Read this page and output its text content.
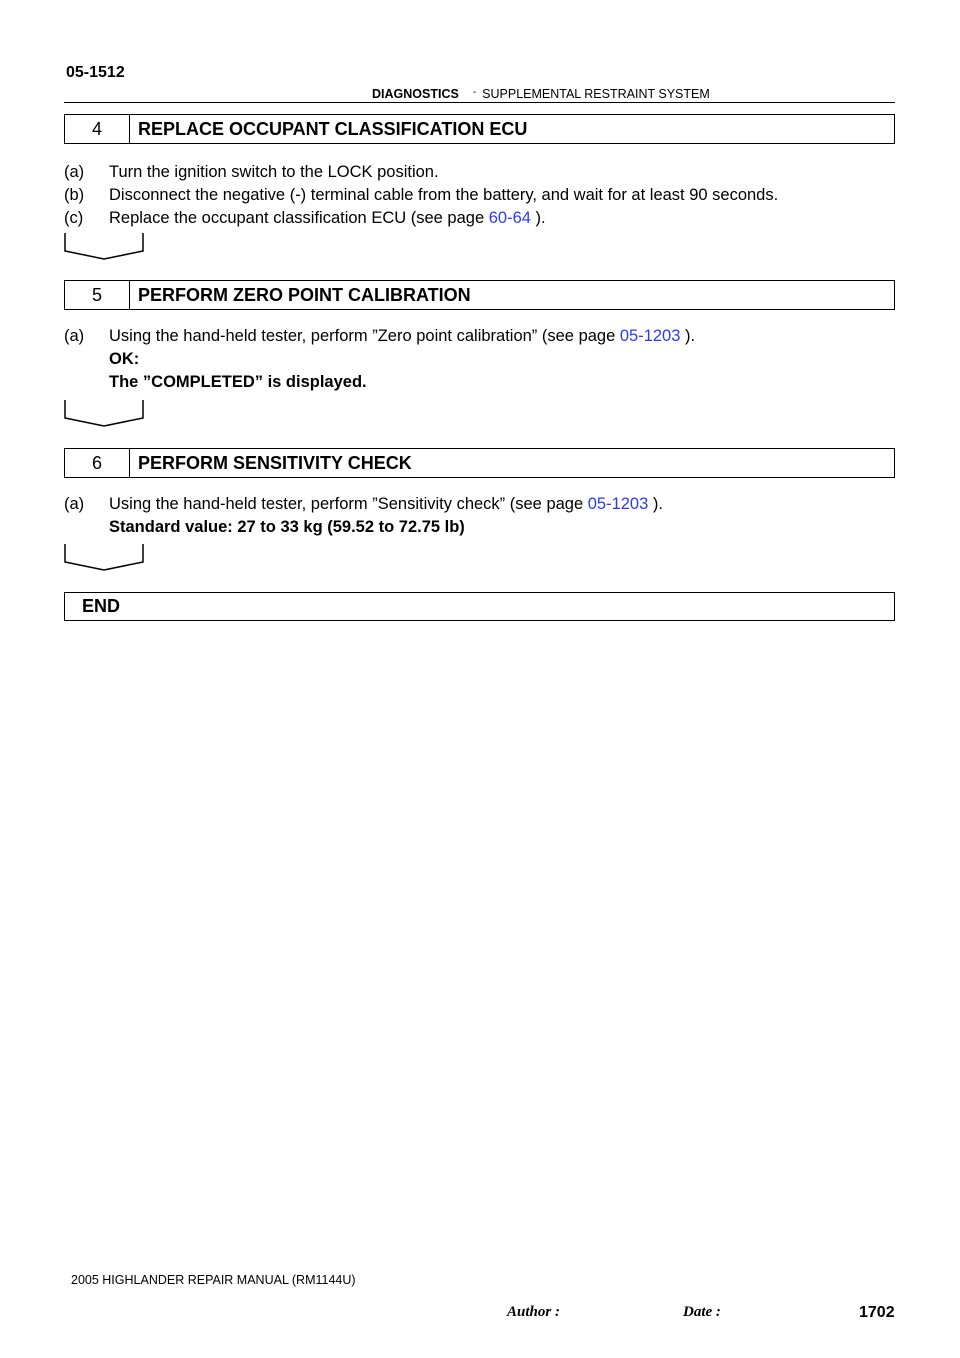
05-1512
DIAGNOSTICS - SUPPLEMENTAL RESTRAINT SYSTEM
4	REPLACE OCCUPANT CLASSIFICATION ECU
(a) Turn the ignition switch to the LOCK position.
(b) Disconnect the negative (-) terminal cable from the battery, and wait for at least 90 seconds.
(c) Replace the occupant classification ECU (see page 60-64 ).
5	PERFORM ZERO POINT CALIBRATION
(a) Using the hand-held tester, perform ”Zero point calibration” (see page 05-1203 ).
OK:
The ”COMPLETED” is displayed.
6	PERFORM SENSITIVITY CHECK
(a) Using the hand-held tester, perform ”Sensitivity check” (see page 05-1203 ).
Standard value: 27 to 33 kg (59.52 to 72.75 lb)
END
2005 HIGHLANDER REPAIR MANUAL (RM1144U)
Author :	Date :	1702
